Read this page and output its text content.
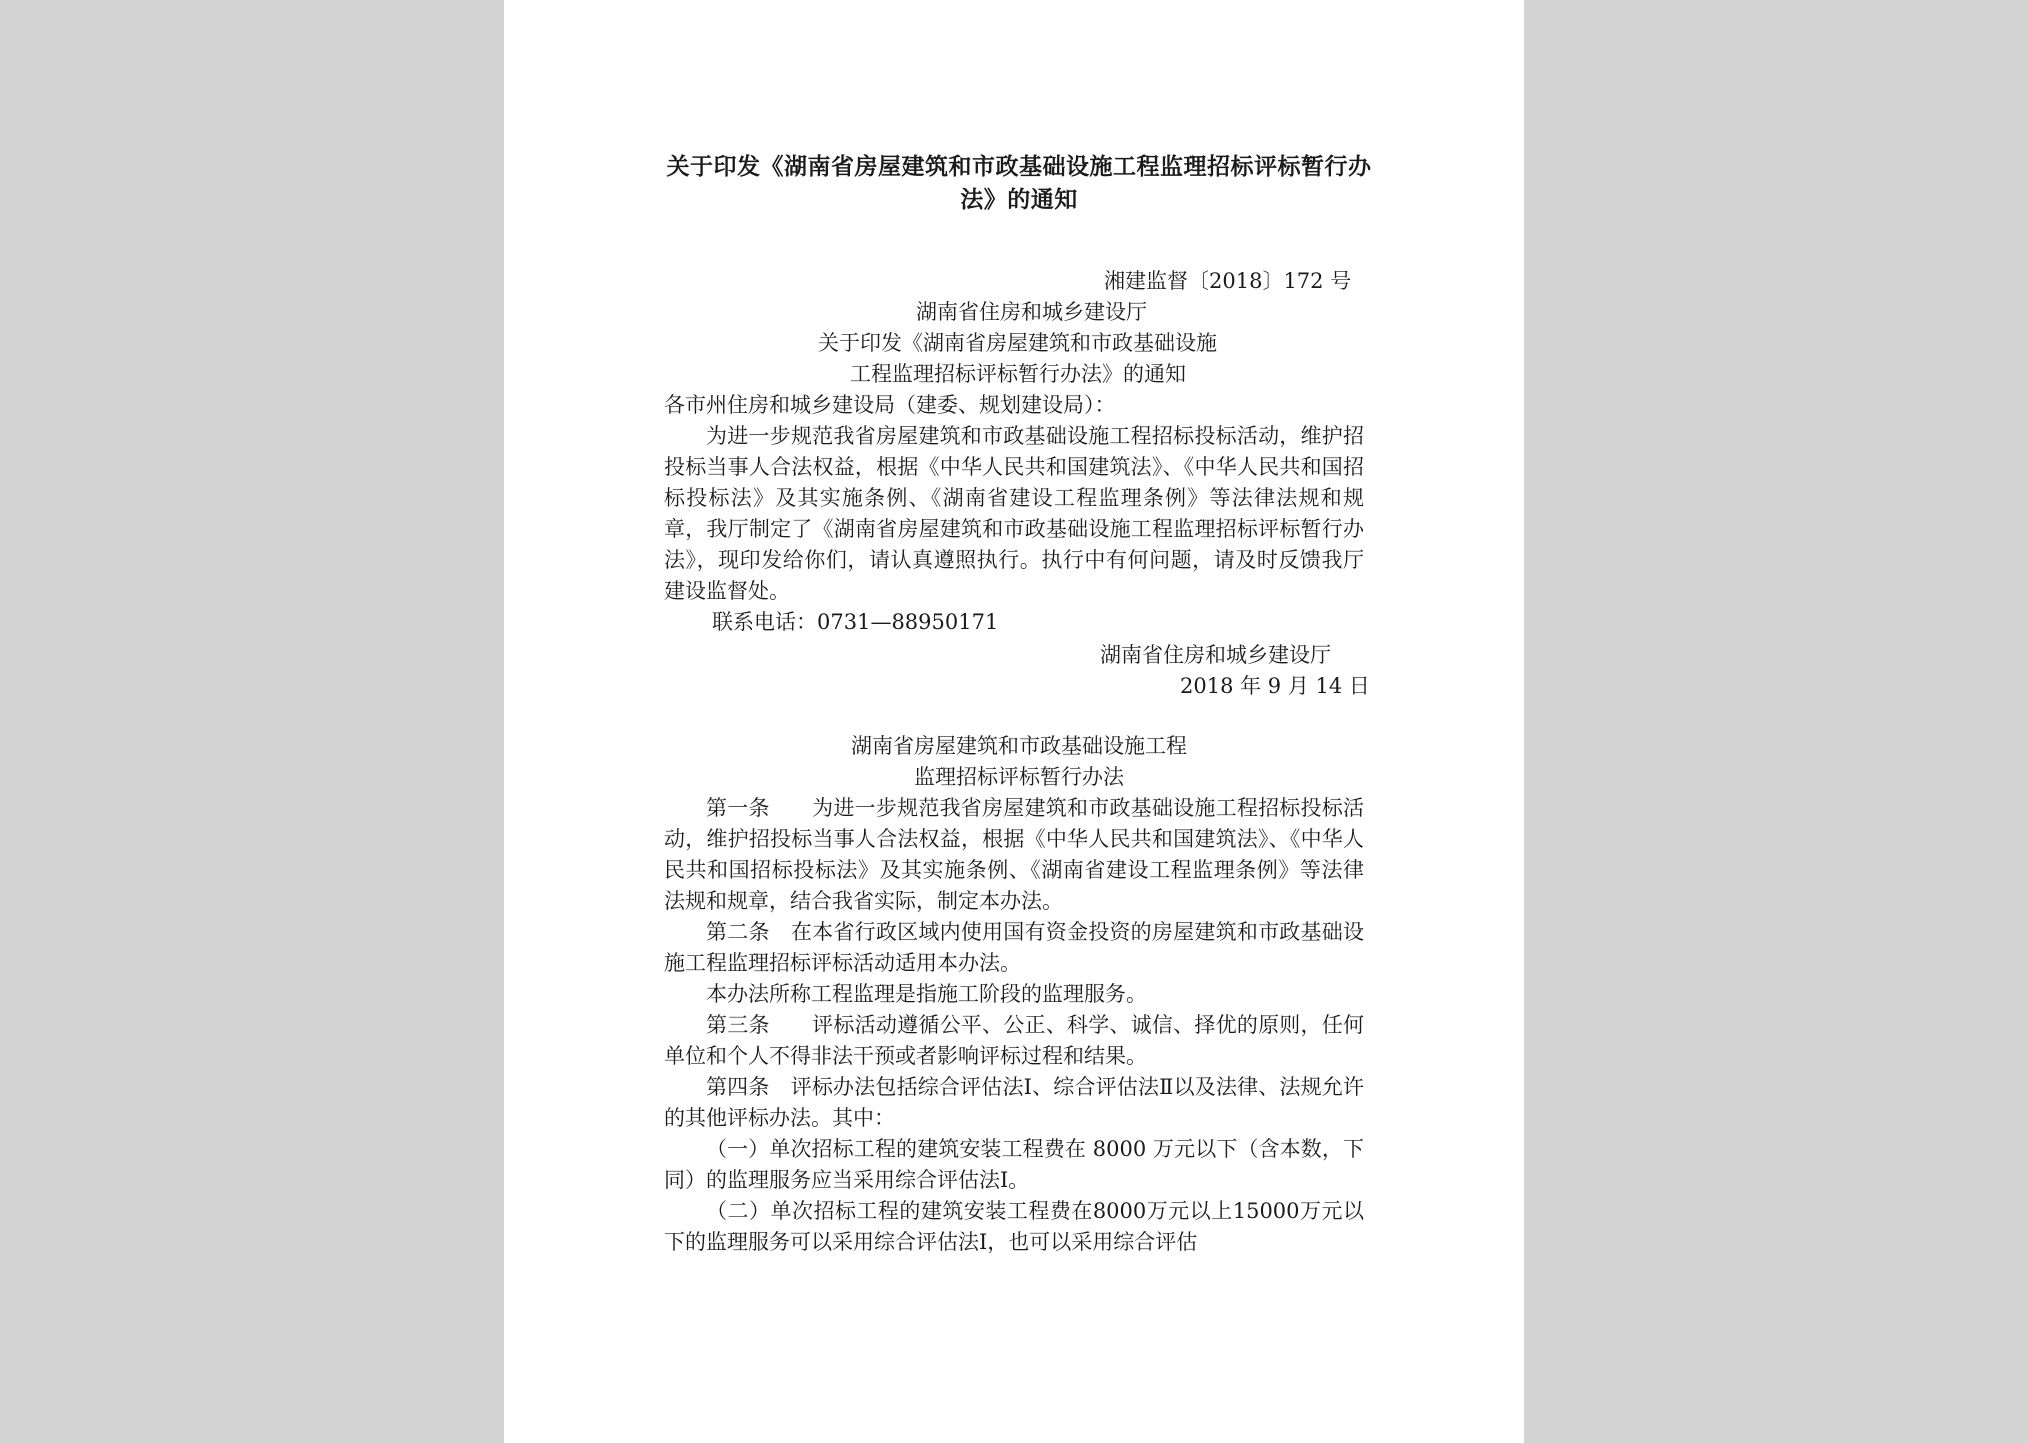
关于印发《湖南省房屋建筑和市政基础设施工程监理招标评标暂行办法》的通知
湘建监督〔2018〕172 号
湖南省住房和城乡建设厅
关于印发《湖南省房屋建筑和市政基础设施
工程监理招标评标暂行办法》的通知
各市州住房和城乡建设局（建委、规划建设局）：

为进一步规范我省房屋建筑和市政基础设施工程招标投标活动，维护招投标当事人合法权益，根据《中华人民共和国建筑法》、《中华人民共和国招标投标法》及其实施条例、《湖南省建设工程监理条例》等法律法规和规章，我厅制定了《湖南省房屋建筑和市政基础设施工程监理招标评标暂行办法》，现印发给你们，请认真遵照执行。执行中有何问题，请及时反馈我厅建设监督处。

联系电话：0731—88950171
湖南省住房和城乡建设厅
2018 年 9 月 14 日
湖南省房屋建筑和市政基础设施工程
监理招标评标暂行办法

第一条　　为进一步规范我省房屋建筑和市政基础设施工程招标投标活动，维护招投标当事人合法权益，根据《中华人民共和国建筑法》、《中华人民共和国招标投标法》及其实施条例、《湖南省建设工程监理条例》等法律法规和规章，结合我省实际，制定本办法。

第二条　在本省行政区域内使用国有资金投资的房屋建筑和市政基础设施工程监理招标评标活动适用本办法。

本办法所称工程监理是指施工阶段的监理服务。

第三条　　评标活动遵循公平、公正、科学、诚信、择优的原则，任何单位和个人不得非法干预或者影响评标过程和结果。

第四条　评标办法包括综合评估法Ⅰ、综合评估法Ⅱ以及法律、法规允许的其他评标办法。其中：

（一）单次招标工程的建筑安装工程费在 8000 万元以下（含本数，下同）的监理服务应当采用综合评估法Ⅰ。

（二）单次招标工程的建筑安装工程费在8000万元以上15000万元以下的监理服务可以采用综合评估法Ⅰ，也可以采用综合评估
